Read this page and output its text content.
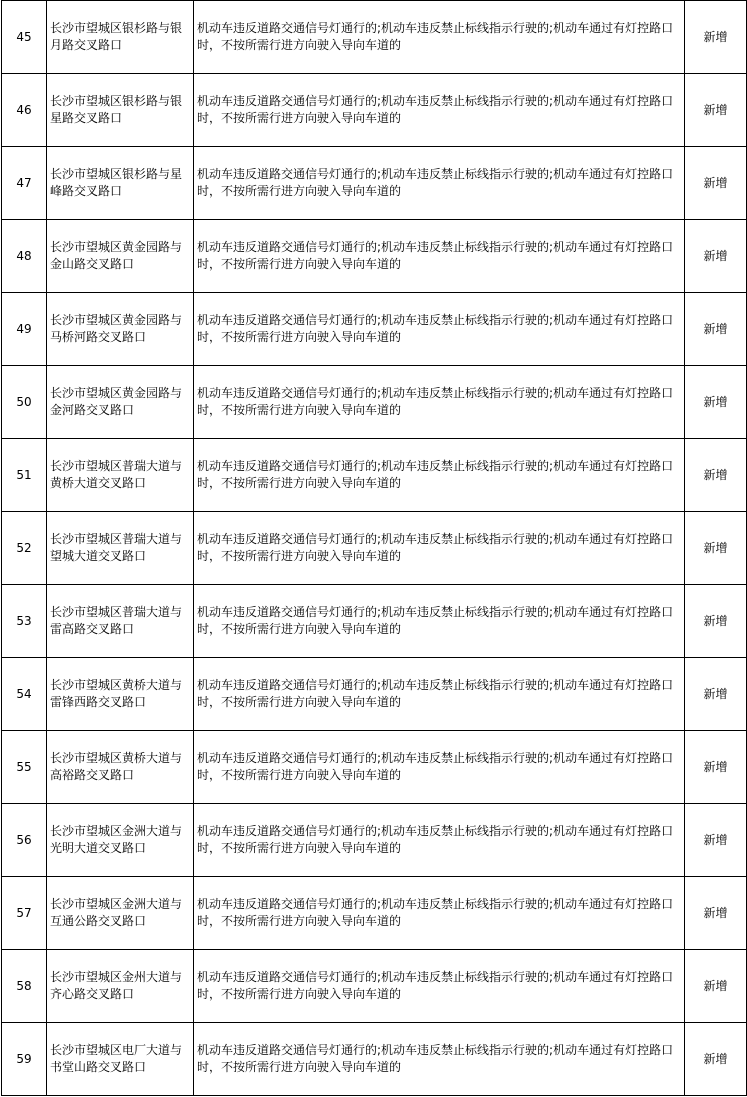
45	长沙市望城区银杉路与银月路交叉路口	机动车违反道路交通信号灯通行的;机动车违反禁止标线指示行驶的;机动车通过有灯控路口时，不按所需行进方向驶入导向车道的	新增
46	长沙市望城区银杉路与银星路交叉路口	机动车违反道路交通信号灯通行的;机动车违反禁止标线指示行驶的;机动车通过有灯控路口时，不按所需行进方向驶入导向车道的	新增
47	长沙市望城区银杉路与星峰路交叉路口	机动车违反道路交通信号灯通行的;机动车违反禁止标线指示行驶的;机动车通过有灯控路口时，不按所需行进方向驶入导向车道的	新增
48	长沙市望城区黄金园路与金山路交叉路口	机动车违反道路交通信号灯通行的;机动车违反禁止标线指示行驶的;机动车通过有灯控路口时，不按所需行进方向驶入导向车道的	新增
49	长沙市望城区黄金园路与马桥河路交叉路口	机动车违反道路交通信号灯通行的;机动车违反禁止标线指示行驶的;机动车通过有灯控路口时，不按所需行进方向驶入导向车道的	新增
50	长沙市望城区黄金园路与金河路交叉路口	机动车违反道路交通信号灯通行的;机动车违反禁止标线指示行驶的;机动车通过有灯控路口时，不按所需行进方向驶入导向车道的	新增
51	长沙市望城区普瑞大道与黄桥大道交叉路口	机动车违反道路交通信号灯通行的;机动车违反禁止标线指示行驶的;机动车通过有灯控路口时，不按所需行进方向驶入导向车道的	新增
52	长沙市望城区普瑞大道与望城大道交叉路口	机动车违反道路交通信号灯通行的;机动车违反禁止标线指示行驶的;机动车通过有灯控路口时，不按所需行进方向驶入导向车道的	新增
53	长沙市望城区普瑞大道与雷高路交叉路口	机动车违反道路交通信号灯通行的;机动车违反禁止标线指示行驶的;机动车通过有灯控路口时，不按所需行进方向驶入导向车道的	新增
54	长沙市望城区黄桥大道与雷锋西路交叉路口	机动车违反道路交通信号灯通行的;机动车违反禁止标线指示行驶的;机动车通过有灯控路口时，不按所需行进方向驶入导向车道的	新增
55	长沙市望城区黄桥大道与高裕路交叉路口	机动车违反道路交通信号灯通行的;机动车违反禁止标线指示行驶的;机动车通过有灯控路口时，不按所需行进方向驶入导向车道的	新增
56	长沙市望城区金洲大道与光明大道交叉路口	机动车违反道路交通信号灯通行的;机动车违反禁止标线指示行驶的;机动车通过有灯控路口时，不按所需行进方向驶入导向车道的	新增
57	长沙市望城区金洲大道与互通公路交叉路口	机动车违反道路交通信号灯通行的;机动车违反禁止标线指示行驶的;机动车通过有灯控路口时，不按所需行进方向驶入导向车道的	新增
58	长沙市望城区金州大道与齐心路交叉路口	机动车违反道路交通信号灯通行的;机动车违反禁止标线指示行驶的;机动车通过有灯控路口时，不按所需行进方向驶入导向车道的	新增
59	长沙市望城区电厂大道与书堂山路交叉路口	机动车违反道路交通信号灯通行的;机动车违反禁止标线指示行驶的;机动车通过有灯控路口时，不按所需行进方向驶入导向车道的	新增
